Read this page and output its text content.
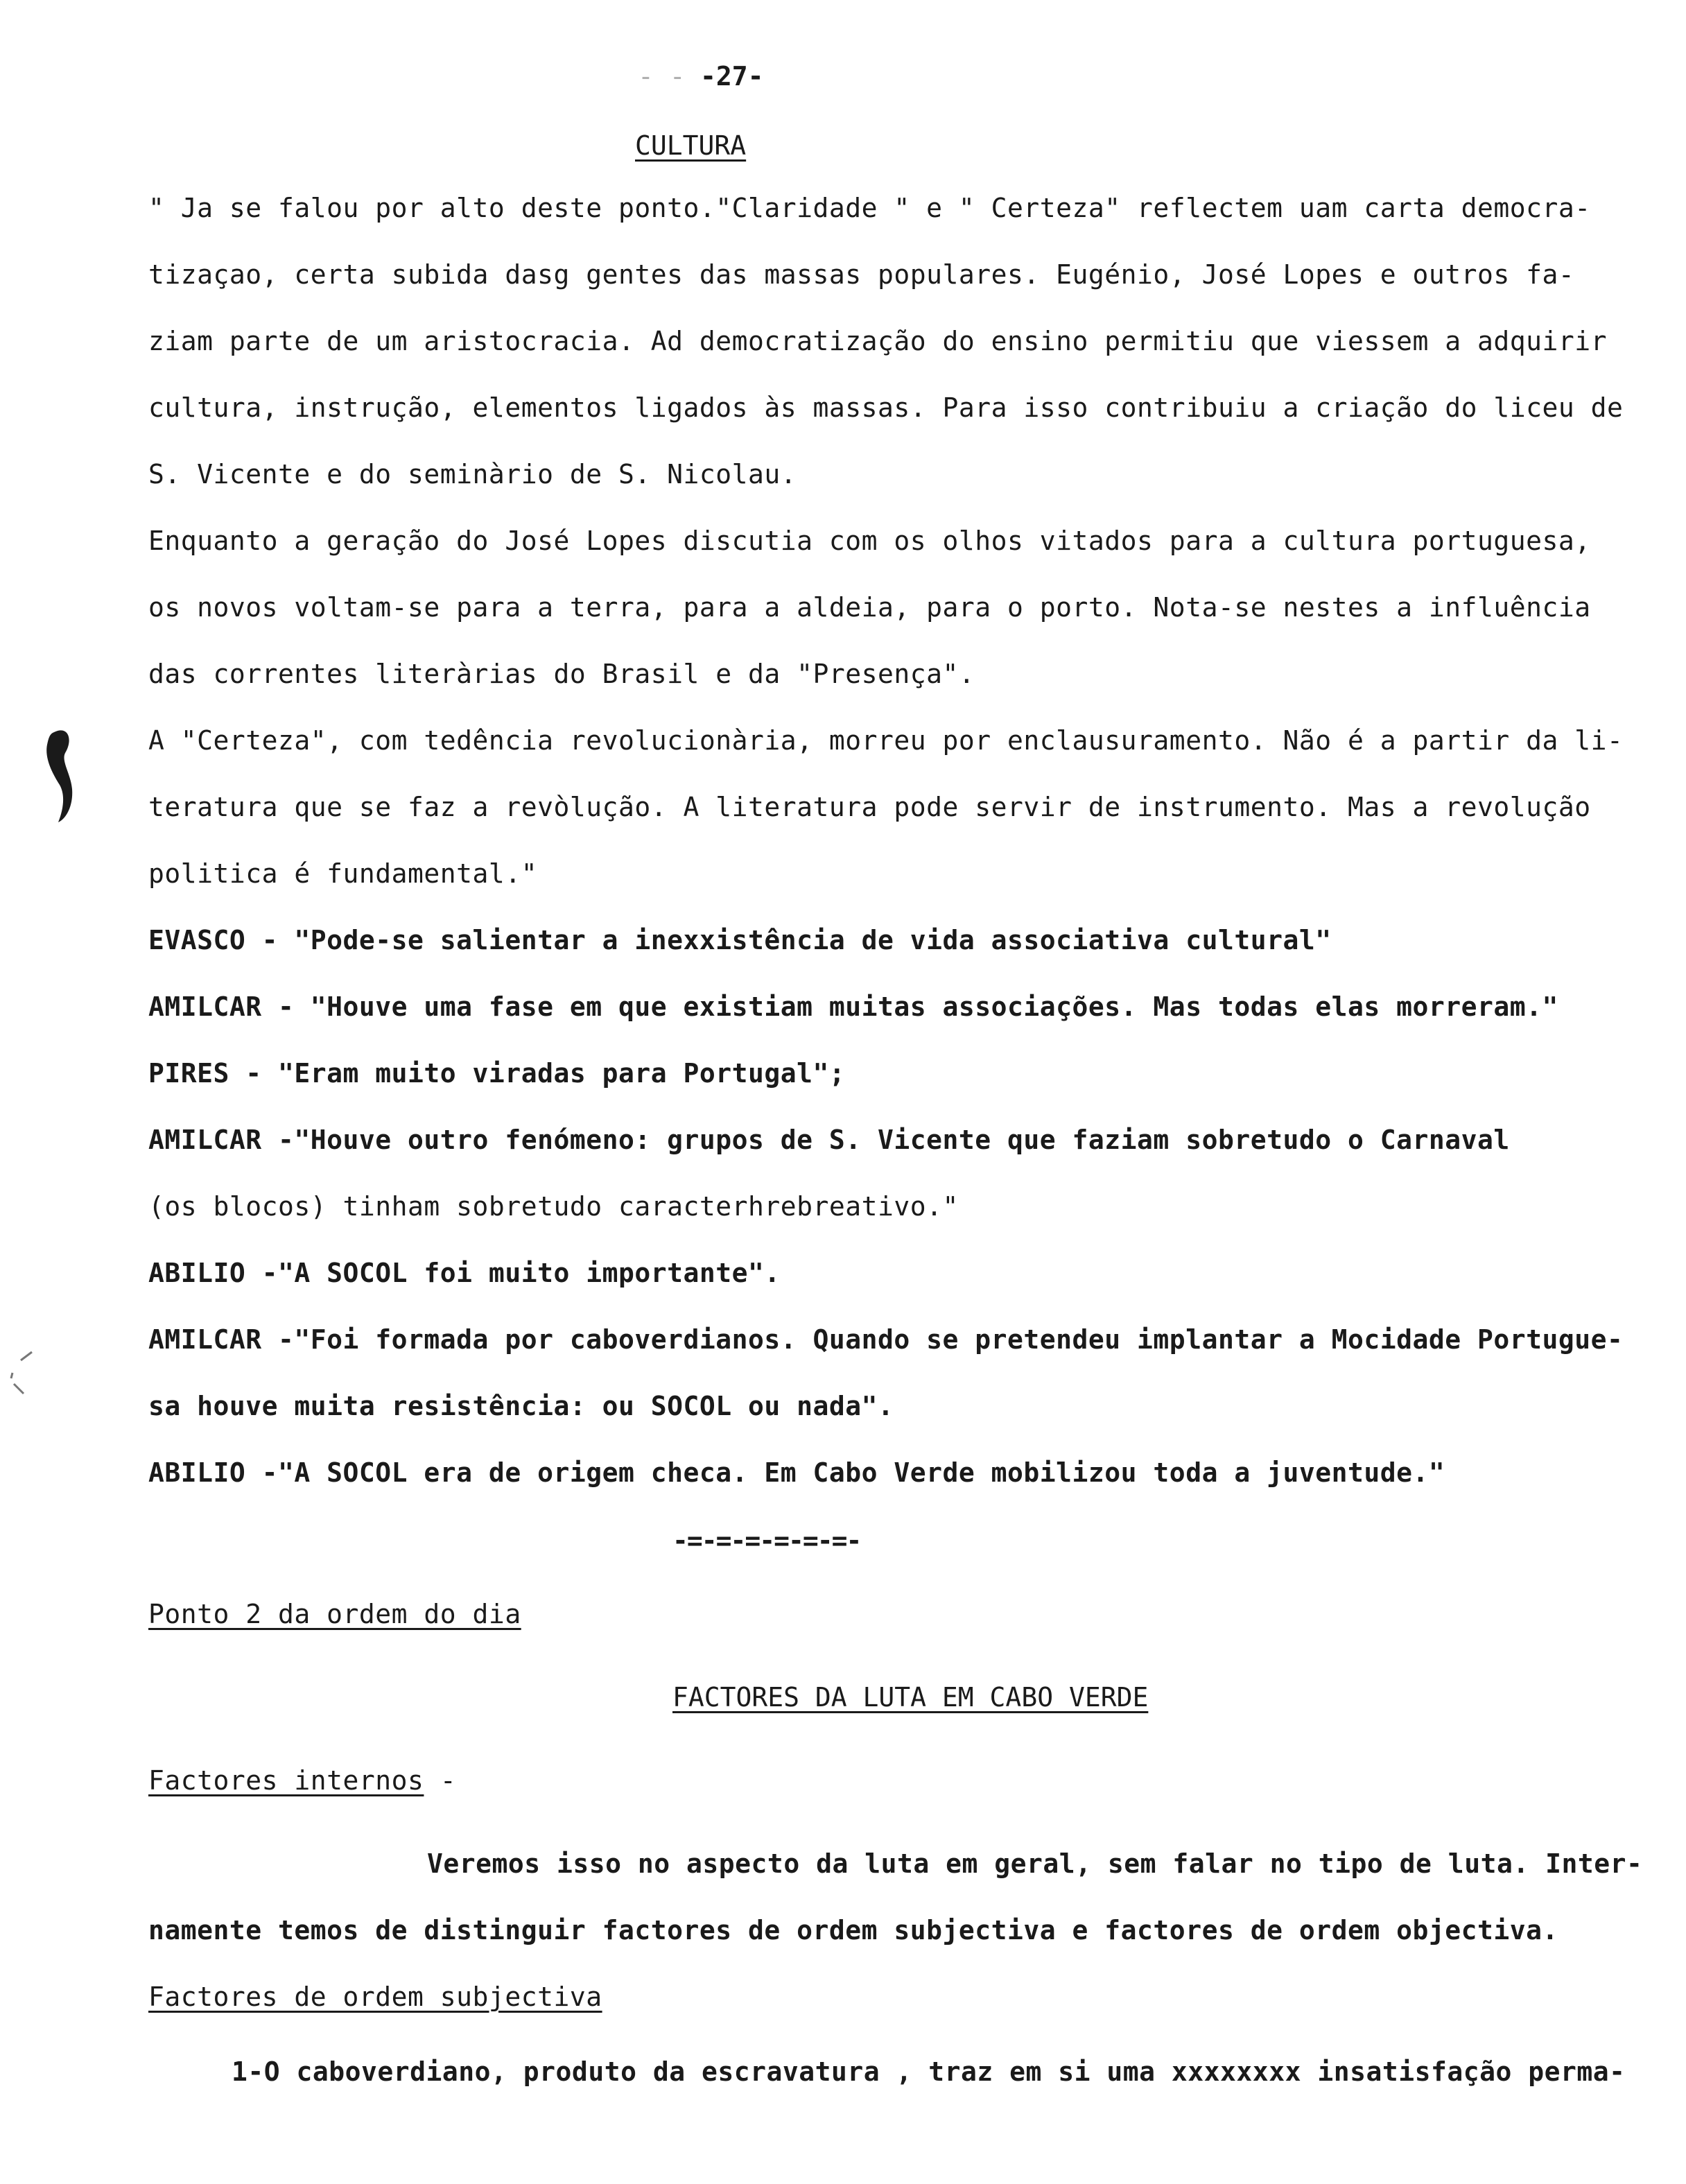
- - -
-27-
CULTURA
" Ja se falou por alto deste ponto."Claridade " e " Certeza" reflectem uam carta democra-
tizaçao, certa subida dasg gentes das massas populares. Eugénio, José Lopes e outros fa-
ziam parte de um aristocracia. Ad democratização do ensino permitiu que viessem a adquirir
cultura, instrução, elementos ligados às massas. Para isso contribuiu a criação do liceu de
S. Vicente e do seminàrio de S. Nicolau.
Enquanto a geração do José Lopes discutia com os olhos vitados para a cultura portuguesa,
os novos voltam-se para a terra, para a aldeia, para o porto. Nota-se nestes a influência
das correntes literàrias do Brasil e da "Presença".
A "Certeza", com tedência revolucionària, morreu por enclausuramento. Não é a partir da li-
teratura que se faz a revòlução. A literatura pode servir de instrumento. Mas a revolução
politica é fundamental."
EVASCO - "Pode-se salientar a inexxistência de vida associativa cultural"
AMILCAR - "Houve uma fase em que existiam muitas associações. Mas todas elas morreram."
PIRES - "Eram muito viradas para Portugal";
AMILCAR -"Houve outro fenómeno: grupos de S. Vicente que faziam sobretudo o Carnaval
(os blocos) tinham sobretudo caracterhrebreativo."
ABILIO -"A SOCOL foi muito importante".
AMILCAR -"Foi formada por caboverdianos. Quando se pretendeu implantar a Mocidade Portugue-
sa houve muita resistência: ou SOCOL ou nada".
ABILIO -"A SOCOL era de origem checa. Em Cabo Verde mobilizou toda a juventude."
-=-=-=-=-=-=-
Ponto 2 da ordem do dia
FACTORES DA LUTA EM CABO VERDE
Factores internos -
Veremos isso no aspecto da luta em geral, sem falar no tipo de luta. Inter-
namente temos de distinguir factores de ordem subjectiva e factores de ordem objectiva.
Factores de ordem subjectiva
1-O caboverdiano, produto da escravatura , traz em si uma xxxxxxxx insatisfação perma-
